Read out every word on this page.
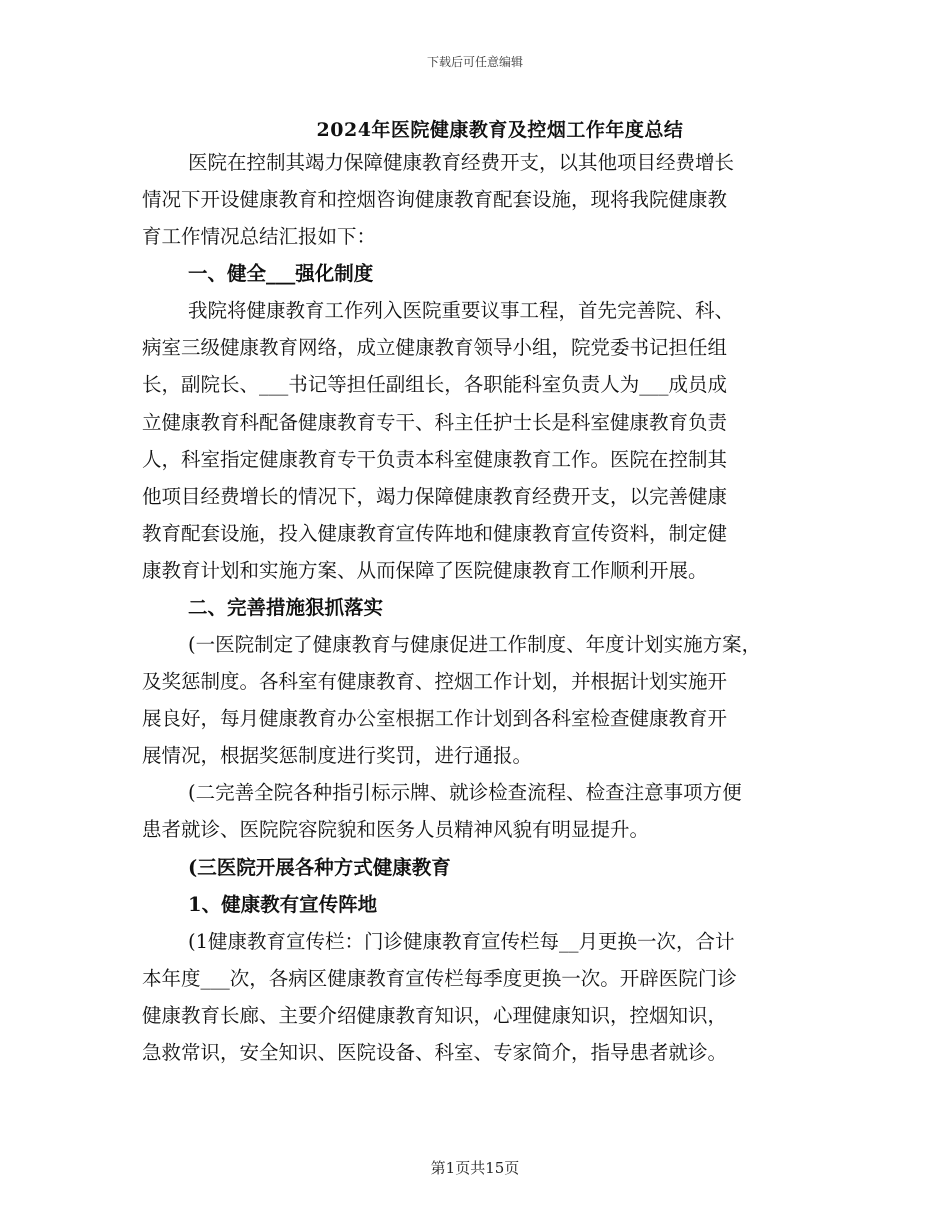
下载后可任意编辑
2024年医院健康教育及控烟工作年度总结
医院在控制其竭力保障健康教育经费开支，以其他项目经费增长
情况下开设健康教育和控烟咨询健康教育配套设施，现将我院健康教
育工作情况总结汇报如下：
一、健全___强化制度
我院将健康教育工作列入医院重要议事工程，首先完善院、科、
病室三级健康教育网络，成立健康教育领导小组，院党委书记担任组
长，副院长、___书记等担任副组长，各职能科室负责人为___成员成
立健康教育科配备健康教育专干、科主任护士长是科室健康教育负责
人，科室指定健康教育专干负责本科室健康教育工作。医院在控制其
他项目经费增长的情况下，竭力保障健康教育经费开支，以完善健康
教育配套设施，投入健康教育宣传阵地和健康教育宣传资料，制定健
康教育计划和实施方案、从而保障了医院健康教育工作顺利开展。
二、完善措施狠抓落实
(一医院制定了健康教育与健康促进工作制度、年度计划实施方案，
及奖惩制度。各科室有健康教育、控烟工作计划，并根据计划实施开
展良好，每月健康教育办公室根据工作计划到各科室检查健康教育开
展情况，根据奖惩制度进行奖罚，进行通报。
(二完善全院各种指引标示牌、就诊检查流程、检查注意事项方便
患者就诊、医院院容院貌和医务人员精神风貌有明显提升。
(三医院开展各种方式健康教育
1、健康教有宣传阵地
(1健康教育宣传栏：门诊健康教育宣传栏每__月更换一次，合计
本年度___次，各病区健康教育宣传栏每季度更换一次。开辟医院门诊
健康教育长廊、主要介绍健康教育知识，心理健康知识，控烟知识，
急救常识，安全知识、医院设备、科室、专家简介，指导患者就诊。
第1页共15页
